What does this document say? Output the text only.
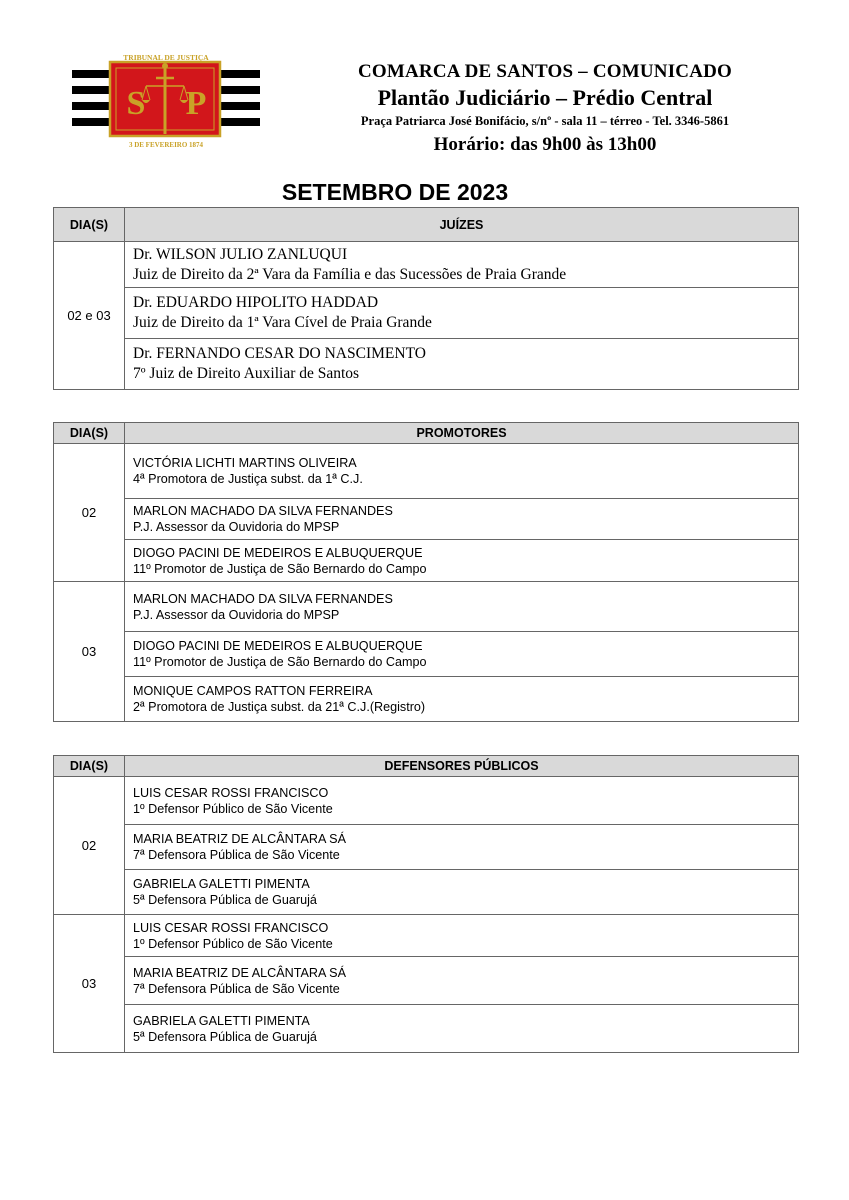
S P
TRIBUNAL DE JUSTIÇA
3 DE FEVEREIRO 1874
COMARCA DE SANTOS – COMUNICADO
Plantão Judiciário – Prédio Central
Praça Patriarca José Bonifácio, s/nº - sala 11 – térreo - Tel. 3346-5861
Horário: das 9h00 às 13h00
SETEMBRO DE 2023
DIA(S)	JUÍZES
02 e 03	Dr. WILSON JULIO ZANLUQUI
Juiz de Direito da 2ª Vara da Família e das Sucessões de Praia Grande

	Dr. EDUARDO HIPOLITO HADDAD
Juiz de Direito da 1ª Vara Cível de Praia Grande

	Dr. FERNANDO CESAR DO NASCIMENTO
7º Juiz de Direito Auxiliar de Santos
DIA(S)	PROMOTORES
02	VICTÓRIA LICHTI MARTINS OLIVEIRA
4ª Promotora de Justiça subst. da 1ª C.J.

	MARLON MACHADO DA SILVA FERNANDES
P.J. Assessor da Ouvidoria do MPSP

	DIOGO PACINI DE MEDEIROS E ALBUQUERQUE
11º Promotor de Justiça de São Bernardo do Campo

03	MARLON MACHADO DA SILVA FERNANDES
P.J. Assessor da Ouvidoria do MPSP

	DIOGO PACINI DE MEDEIROS E ALBUQUERQUE
11º Promotor de Justiça de São Bernardo do Campo

	MONIQUE CAMPOS RATTON FERREIRA
2ª Promotora de Justiça subst. da 21ª C.J.(Registro)
DIA(S)	DEFENSORES PÚBLICOS
02	LUIS CESAR ROSSI FRANCISCO
1º Defensor Público de São Vicente

	MARIA BEATRIZ DE ALCÂNTARA SÁ
7ª Defensora Pública de São Vicente

	GABRIELA GALETTI PIMENTA
5ª Defensora Pública de Guarujá

03	LUIS CESAR ROSSI FRANCISCO
1º Defensor Público de São Vicente

	MARIA BEATRIZ DE ALCÂNTARA SÁ
7ª Defensora Pública de São Vicente

	GABRIELA GALETTI PIMENTA
5ª Defensora Pública de Guarujá
